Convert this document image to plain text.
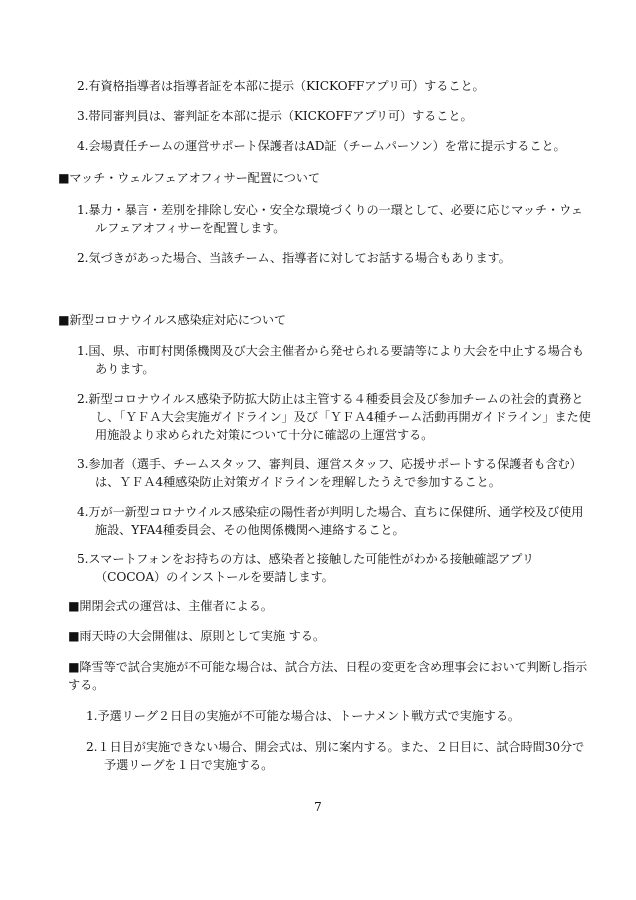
2.有資格指導者は指導者証を本部に提示（KICKOFFアプリ可）すること。
3.帯同審判員は、審判証を本部に提示（KICKOFFアプリ可）すること。
4.会場責任チームの運営サポート保護者はAD証（チームパーソン）を常に提示すること。
■マッチ・ウェルフェアオフィサー配置について
1.暴力・暴言・差別を排除し安心・安全な環境づくりの一環として、必要に応じマッチ・ウェ
ルフェアオフィサーを配置します。
2.気づきがあった場合、当該チーム、指導者に対してお話する場合もあります。
■新型コロナウイルス感染症対応について
1.国、県、市町村関係機関及び大会主催者から発せられる要請等により大会を中止する場合も
あります。
2.新型コロナウイルス感染予防拡大防止は主管する４種委員会及び参加チームの社会的責務と
し、「ＹＦＡ大会実施ガイドライン」及び「ＹＦＡ4種チーム活動再開ガイドライン」また使
用施設より求められた対策について十分に確認の上運営する。
3.参加者（選手、チームスタッフ、審判員、運営スタッフ、応援サポートする保護者も含む）
は、ＹＦＡ4種感染防止対策ガイドラインを理解したうえで参加すること。
4.万が一新型コロナウイルス感染症の陽性者が判明した場合、直ちに保健所、通学校及び使用
施設、YFA4種委員会、その他関係機関へ連絡すること。
5.スマートフォンをお持ちの方は、感染者と接触した可能性がわかる接触確認アプリ
（COCOA）のインストールを要請します。
■開閉会式の運営は、主催者による。
■雨天時の大会開催は、原則として実施 する。
■降雪等で試合実施が不可能な場合は、試合方法、日程の変更を含め理事会において判断し指示
する。
1.予選リーグ２日目の実施が不可能な場合は、トーナメント戦方式で実施する。
2.１日目が実施できない場合、開会式は、別に案内する。また、２日目に、試合時間30分で
予選リーグを１日で実施する。
7
